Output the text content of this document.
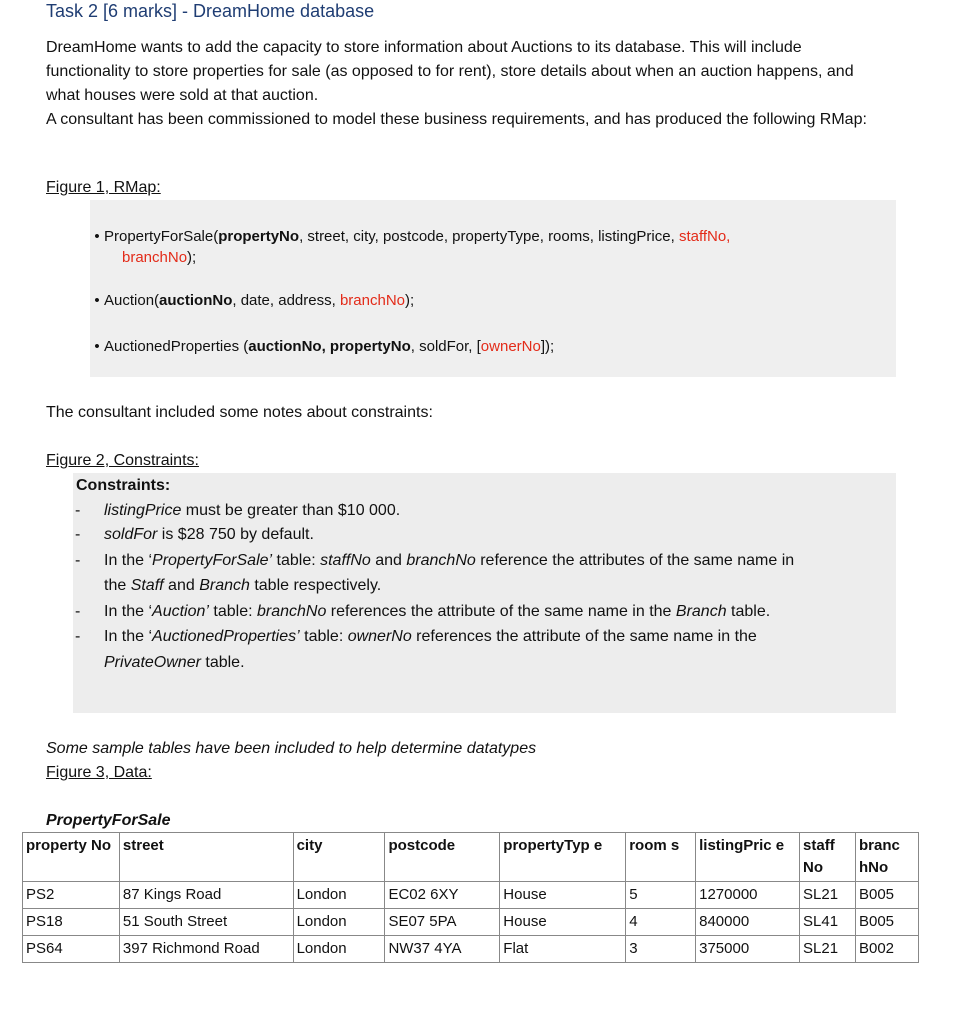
Task 2 [6 marks] - DreamHome database

DreamHome wants to add the capacity to store information about Auctions to its database. This will include functionality to store properties for sale (as opposed to for rent), store details about when an auction happens, and what houses were sold at that auction.

A consultant has been commissioned to model these business requirements, and has produced the following RMap:

Figure 1, RMap:
• PropertyForSale(propertyNo, street, city, postcode, propertyType, rooms, listingPrice, staffNo,
branchNo);
• Auction(auctionNo, date, address, branchNo);
• AuctionedProperties (auctionNo, propertyNo, soldFor, [ownerNo]);
The consultant included some notes about constraints:
Figure 2, Constraints:
Constraints:
- listingPrice must be greater than $10 000.
- soldFor is $28 750 by default.
- In the ‘PropertyForSale’ table: staffNo and branchNo reference the attributes of the same name in
the Staff and Branch table respectively.
- In the ‘Auction’ table: branchNo references the attribute of the same name in the Branch table.
- In the ‘AuctionedProperties’ table: ownerNo references the attribute of the same name in the
PrivateOwner table.
Some sample tables have been included to help determine datatypes
Figure 3, Data:
PropertyForSale
property No	street	city	postcode	propertyTyp e	room s	listingPric e	staff No	branc hNo
PS2	87 Kings Road	London	EC02 6XY	House	5	1270000	SL21	B005
PS18	51 South Street	London	SE07 5PA	House	4	840000	SL41	B005
PS64	397 Richmond Road	London	NW37 4YA	Flat	3	375000	SL21	B002
